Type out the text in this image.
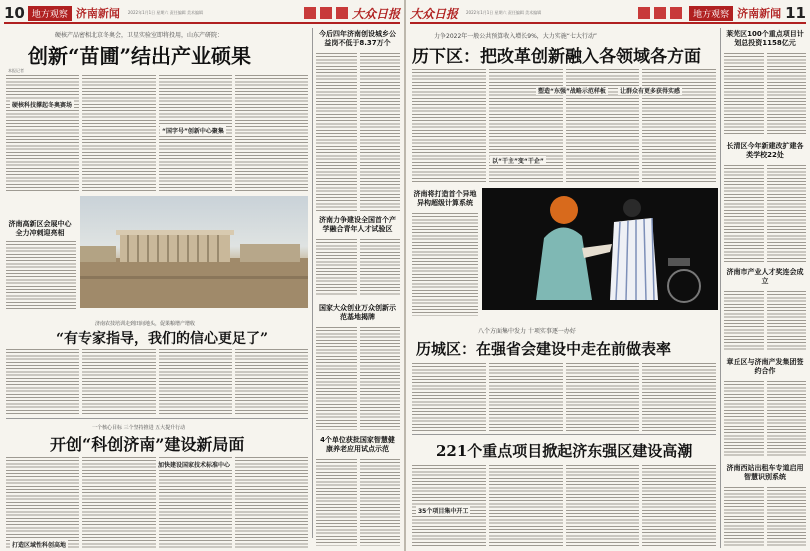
10 地方观察 济南新闻 2022年1月1日 星期六 责任编辑 美术编辑	大众日报
硬核产品密相北京冬奥会，卫星实验室即将投用，山东产研院：
创新“苗圃”结出产业硕果
本报记者
硬核科技撑起冬奥赛场
“国字号”创新中心聚集
今后四年济南创设城乡公益岗不低于8.37万个
济南力争建设全国首个产学融合青年人才试验区
国家大众创业万众创新示范基地揭牌
4个单位获批国家智慧健康养老应用试点示范
济南高新区会展中心全力冲刺迎亮相
济南农技培训走到田间地头，促果粮增产增收
“有专家指导，我们的信心更足了”
一个核心目标 三个坚持推进 五大提升行动
开创“科创济南”建设新局面
加快建设国家技术标准中心
打造区域性科创高地
大众日报 2022年1月1日 星期六 责任编辑 美术编辑	地方观察 济南新闻 11
力争2022年一般公共预算收入增长9%，大力实施“七大行动”
历下区：把改革创新融入各领域各方面
塑造“东强”战略示范样板	让群众有更多获得实感
以“干主”变“干企”
济南将打造首个异地异构超级计算系统
八个方面集中发力 十项实事逐一办好
历城区：在强省会建设中走在前做表率
221个重点项目掀起济东强区建设高潮
35个项目集中开工
莱芜区100个重点项目计划总投资1158亿元
长清区今年新建改扩建各类学校22处
济南市产业人才奖连会成立
章丘区与济南产发集团签约合作
济南西站出租车专道启用智慧识别系统
